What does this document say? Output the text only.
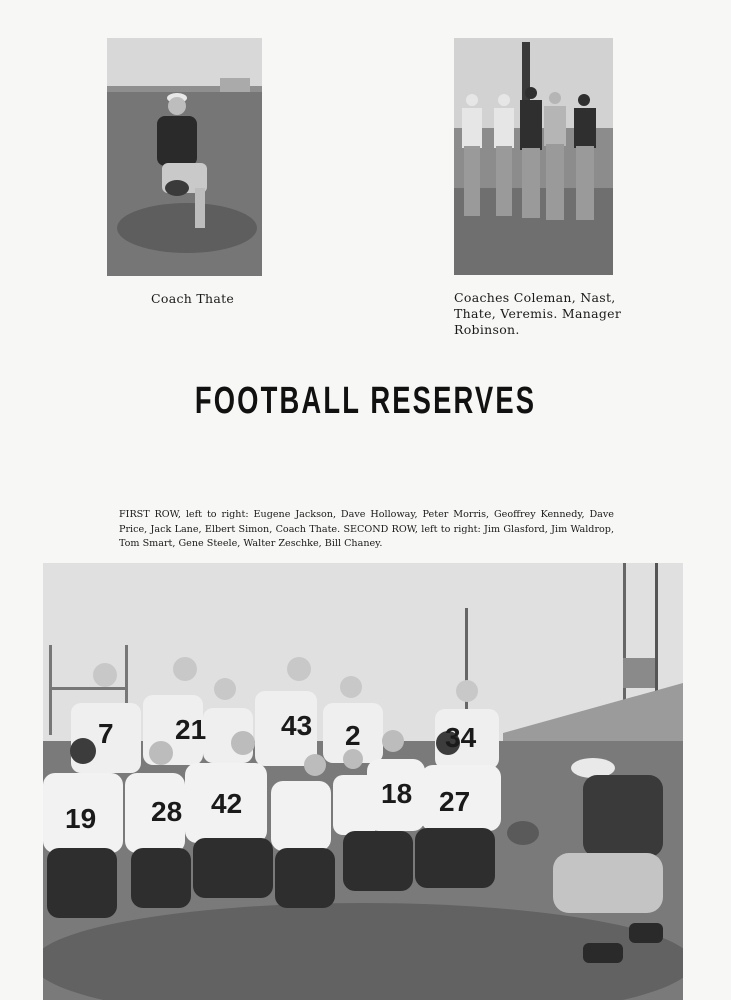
Coach Thate	Coaches Coleman, Nast, Thate, Veremis. Manager Robinson.
FOOTBALL RESERVES
FIRST ROW, left to right: Eugene Jackson, Dave Holloway, Peter Morris, Geoffrey Kennedy, Dave Price, Jack Lane, Elbert Simon, Coach Thate. SECOND ROW, left to right: Jim Glasford, Jim Waldrop, Tom Smart, Gene Steele, Walter Zeschke, Bill Chaney.
7 21	43 2	34
19 28 42	18 27
